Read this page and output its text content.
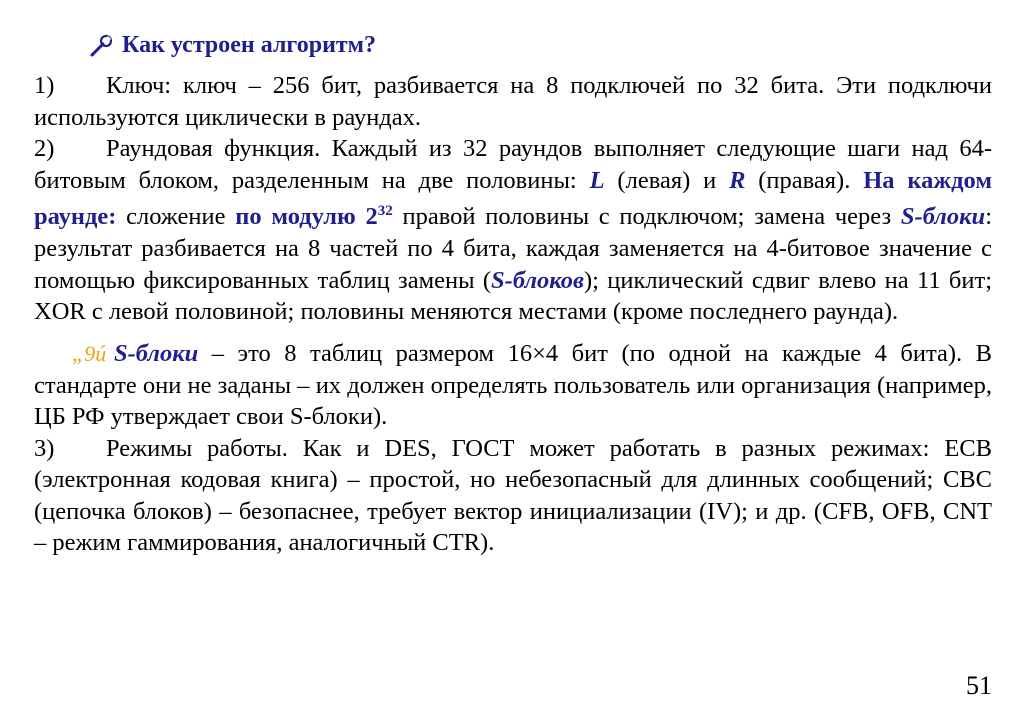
Как устроен алгоритм?

1) Ключ: ключ – 256 бит, разбивается на 8 подключей по 32 бита. Эти подключи используются циклически в раундах.

2) Раундовая функция. Каждый из 32 раундов выполняет следующие шаги над 64-битовым блоком, разделенным на две половины: L (левая) и R (правая). На каждом раунде: сложение по модулю $2^{32}$ правой половины с подключом; замена через S-блоки: результат разбивается на 8 частей по 4 бита, каждая заменяется на 4-битовое значение с помощью фиксированных таблиц замены (S-блоков); циклический сдвиг влево на 11 бит; XOR с левой половиной; половины меняются местами (кроме последнего раунда).

„9ú S-блоки – это 8 таблиц размером 16×4 бит (по одной на каждые 4 бита). В стандарте они не заданы – их должен определять пользователь или организация (например, ЦБ РФ утверждает свои S-блоки).

3) Режимы работы. Как и DES, ГОСТ может работать в разных режимах: ECB (электронная кодовая книга) – простой, но небезопасный для длинных сообщений; CBC (цепочка блоков) – безопаснее, требует вектор инициализации (IV); и др. (CFB, OFB, CNT – режим гаммирования, аналогичный CTR).

51
